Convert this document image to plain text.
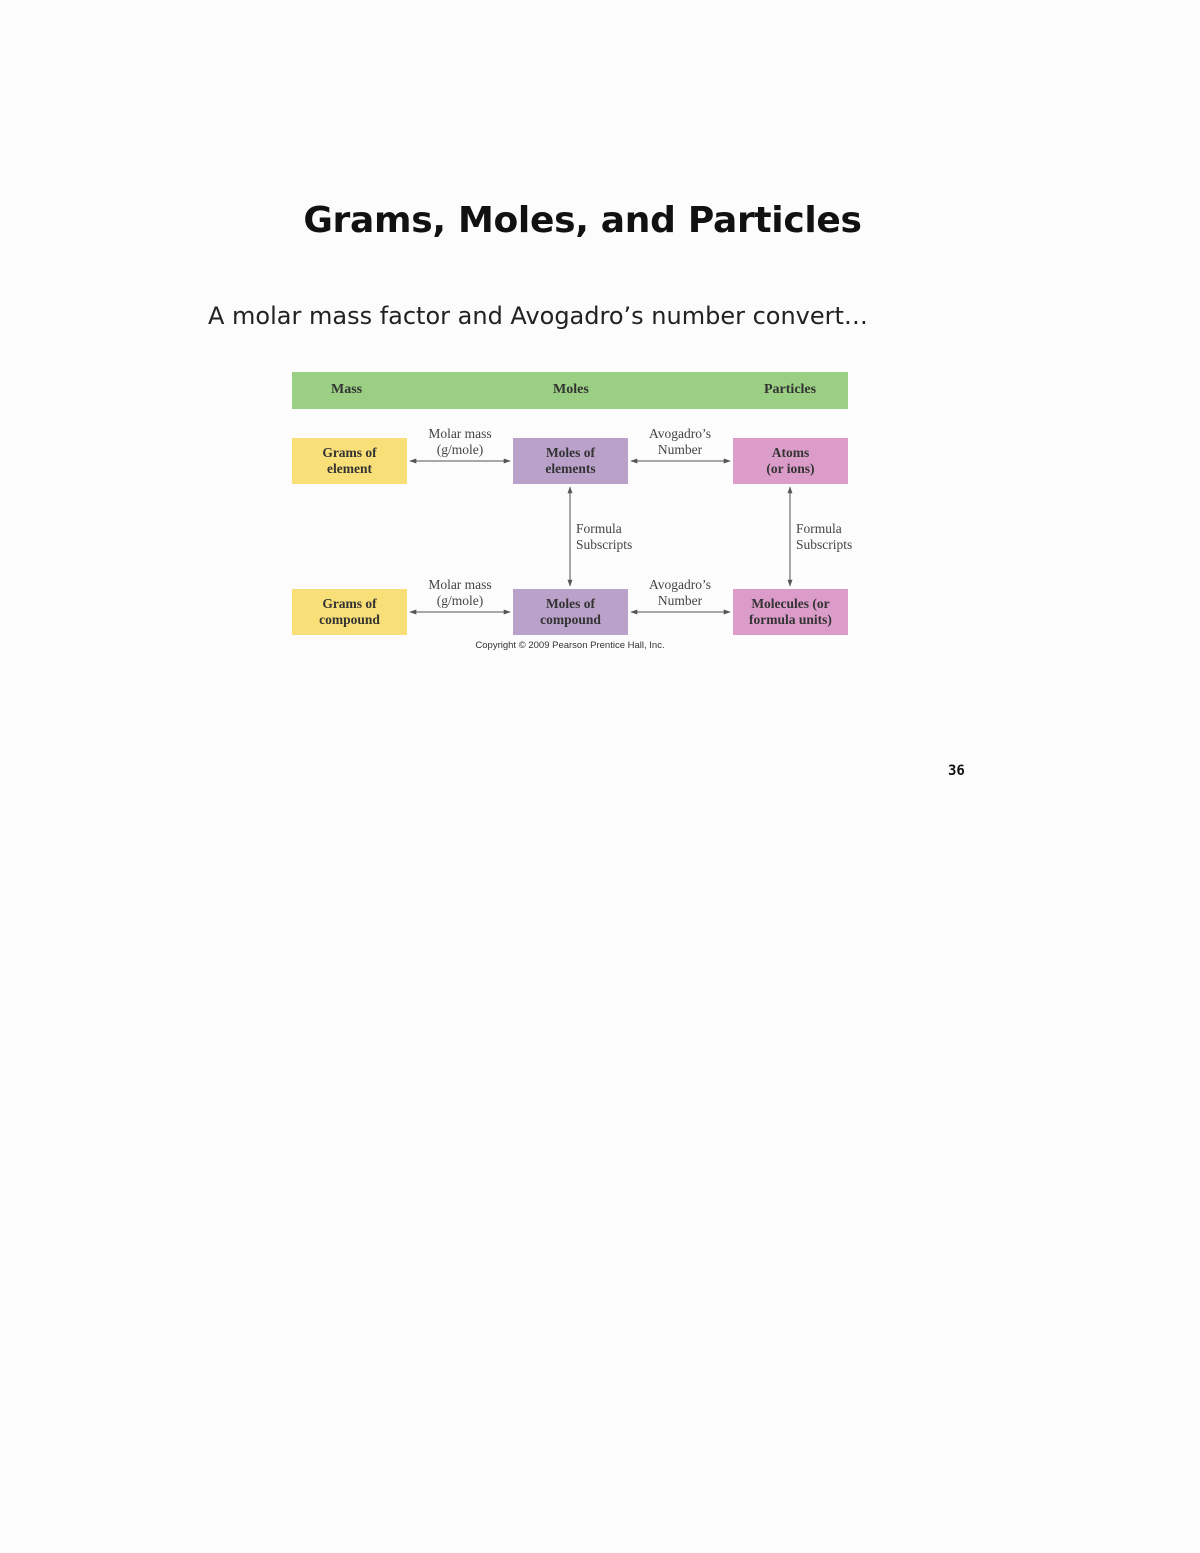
Grams, Moles, and Particles
A molar mass factor and Avogadro’s number convert…
Mass	Moles	Particles
Grams of
element
Moles of
elements
Atoms
(or ions)
Grams of
compound
Moles of
compound
Molecules (or
formula units)
Molar mass
(g/mole)
Avogadro’s
Number
Formula
Subscripts
Formula
Subscripts
Molar mass
(g/mole)
Avogadro’s
Number
Copyright © 2009 Pearson Prentice Hall, Inc.
36
